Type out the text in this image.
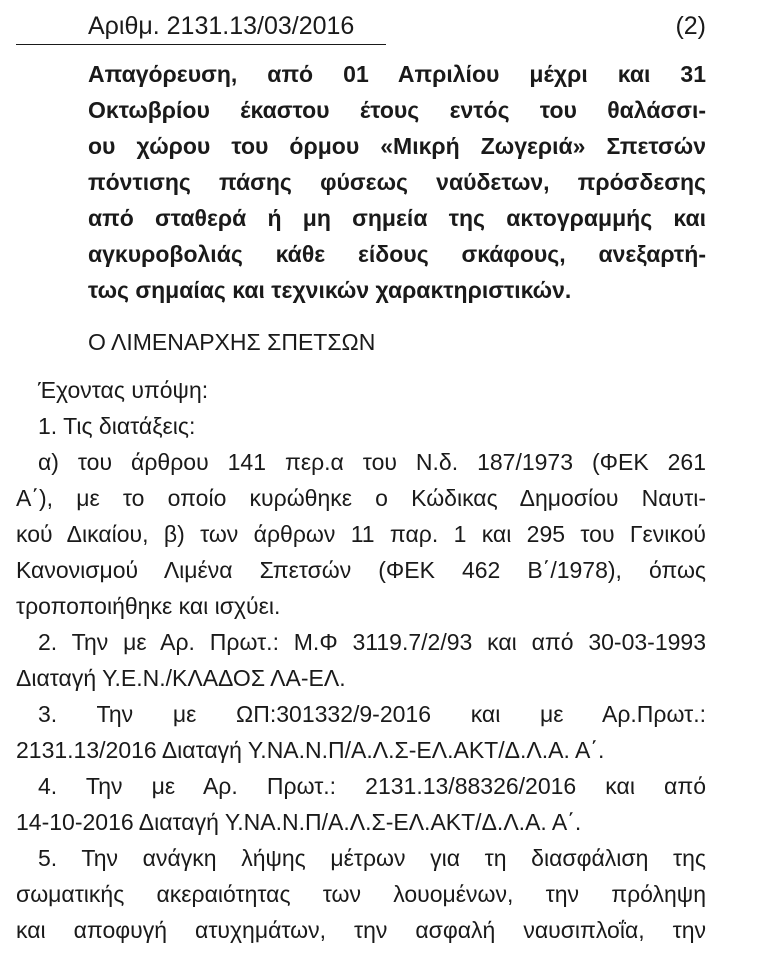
Αριθμ. 2131.13/03/2016	(2)

Απαγόρευση, από 01 Απριλίου μέχρι και 31
Οκτωβρίου έκαστου έτους εντός του θαλάσσι-
ου χώρου του όρμου «Μικρή Ζωγεριά» Σπετσών
πόντισης πάσης φύσεως ναύδετων, πρόσδεσης
από σταθερά ή μη σημεία της ακτογραμμής και
αγκυροβολιάς κάθε είδους σκάφους, ανεξαρτή-
τως σημαίας και τεχνικών χαρακτηριστικών.

Ο ΛΙΜΕΝΑΡΧΗΣ ΣΠΕΤΣΩΝ

Έχοντας υπόψη:
1. Τις διατάξεις:
α) του άρθρου 141 περ.α του Ν.δ. 187/1973 (ΦΕΚ 261
Α΄), με το οποίο κυρώθηκε ο Κώδικας Δημοσίου Ναυτι-
κού Δικαίου, β) των άρθρων 11 παρ. 1 και 295 του Γενικού
Κανονισμού Λιμένα Σπετσών (ΦΕΚ 462 Β΄/1978), όπως
τροποποιήθηκε και ισχύει.
2. Την με Αρ. Πρωτ.: Μ.Φ 3119.7/2/93 και από 30-03-1993
Διαταγή Υ.Ε.Ν./ΚΛΑΔΟΣ ΛΑ-ΕΛ.
3. Την με ΩΠ:301332/9-2016 και με Αρ.Πρωτ.:
2131.13/2016 Διαταγή Υ.ΝΑ.Ν.Π/Α.Λ.Σ-ΕΛ.ΑΚΤ/Δ.Λ.Α. Α΄.
4. Την με Αρ. Πρωτ.: 2131.13/88326/2016 και από
14-10-2016 Διαταγή Υ.ΝΑ.Ν.Π/Α.Λ.Σ-ΕΛ.ΑΚΤ/Δ.Λ.Α. Α΄.
5. Την ανάγκη λήψης μέτρων για τη διασφάλιση της
σωματικής ακεραιότητας των λουομένων, την πρόληψη
και αποφυγή ατυχημάτων, την ασφαλή ναυσιπλοΐα, την
